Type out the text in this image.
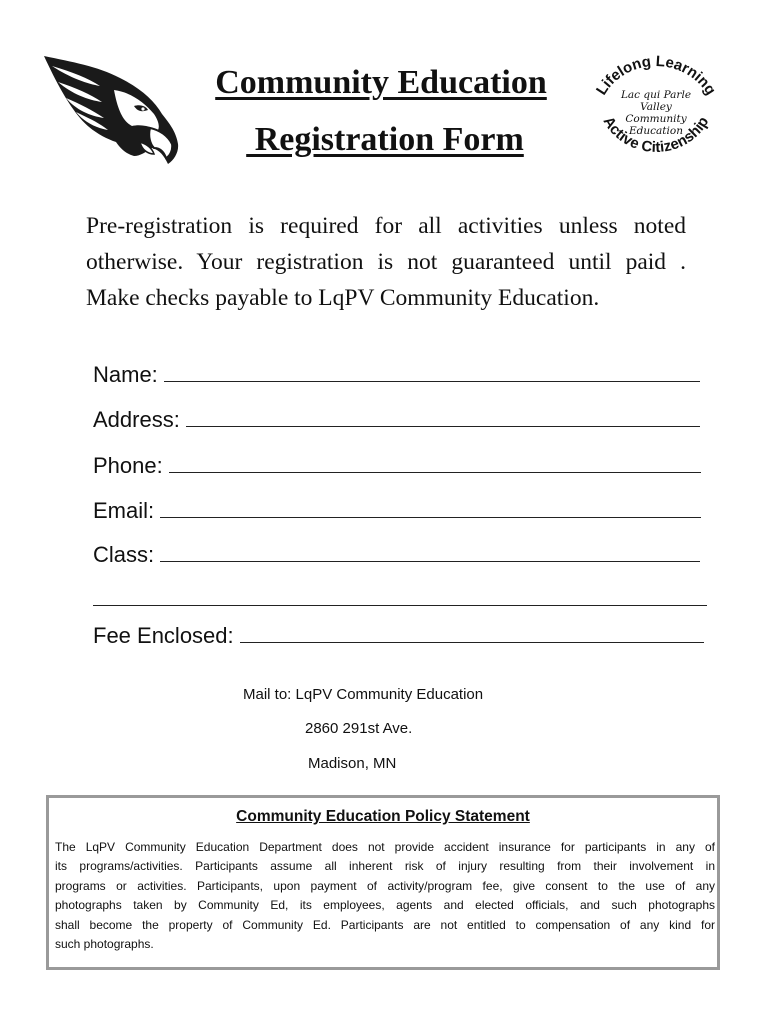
Community Education
Registration Form
Lifelong Learning
Active Citizenship
Lac qui Parle
Valley
Community
Education
Pre-registration is required for all activities unless noted
otherwise. Your registration is not guaranteed until paid .
Make checks payable to LqPV Community Education.
Name:
Address:
Phone:
Email:
Class:
Fee Enclosed:
Mail to: LqPV Community Education
2860 291st Ave.
Madison, MN
Community Education Policy Statement
The LqPV Community Education Department does not provide accident insurance for participants in any of
its programs/activities. Participants assume all inherent risk of injury resulting from their involvement in
programs or activities. Participants, upon payment of activity/program fee, give consent to the use of any
photographs taken by Community Ed, its employees, agents and elected officials, and such photographs
shall become the property of Community Ed. Participants are not entitled to compensation of any kind for
such photographs.
